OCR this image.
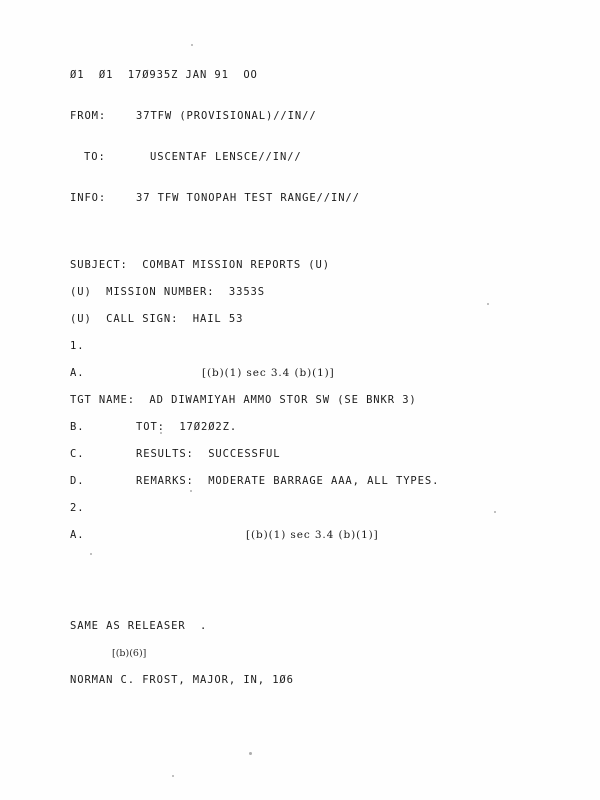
Ø1  Ø1  17Ø935Z JAN 91  OO
FROM:	37TFW (PROVISIONAL)//IN//
TO:	USCENTAF LENSCE//IN//
INFO:	37 TFW TONOPAH TEST RANGE//IN//
SUBJECT:  COMBAT MISSION REPORTS (U)
(U)  MISSION NUMBER:  3353S
(U)  CALL SIGN:  HAIL 53
1.
A.	[(b)(1) sec 3.4 (b)(1)]
TGT NAME:  AD DIWAMIYAH AMMO STOR SW (SE BNKR 3)
B.	TOT:  17Ø2Ø2Z.
C.	RESULTS:  SUCCESSFUL
D.	REMARKS:  MODERATE BARRAGE AAA, ALL TYPES.
2.
A.	[(b)(1) sec 3.4 (b)(1)]
SAME AS RELEASER  .
[(b)(6)]
NORMAN C. FROST, MAJOR, IN, 1Ø6
